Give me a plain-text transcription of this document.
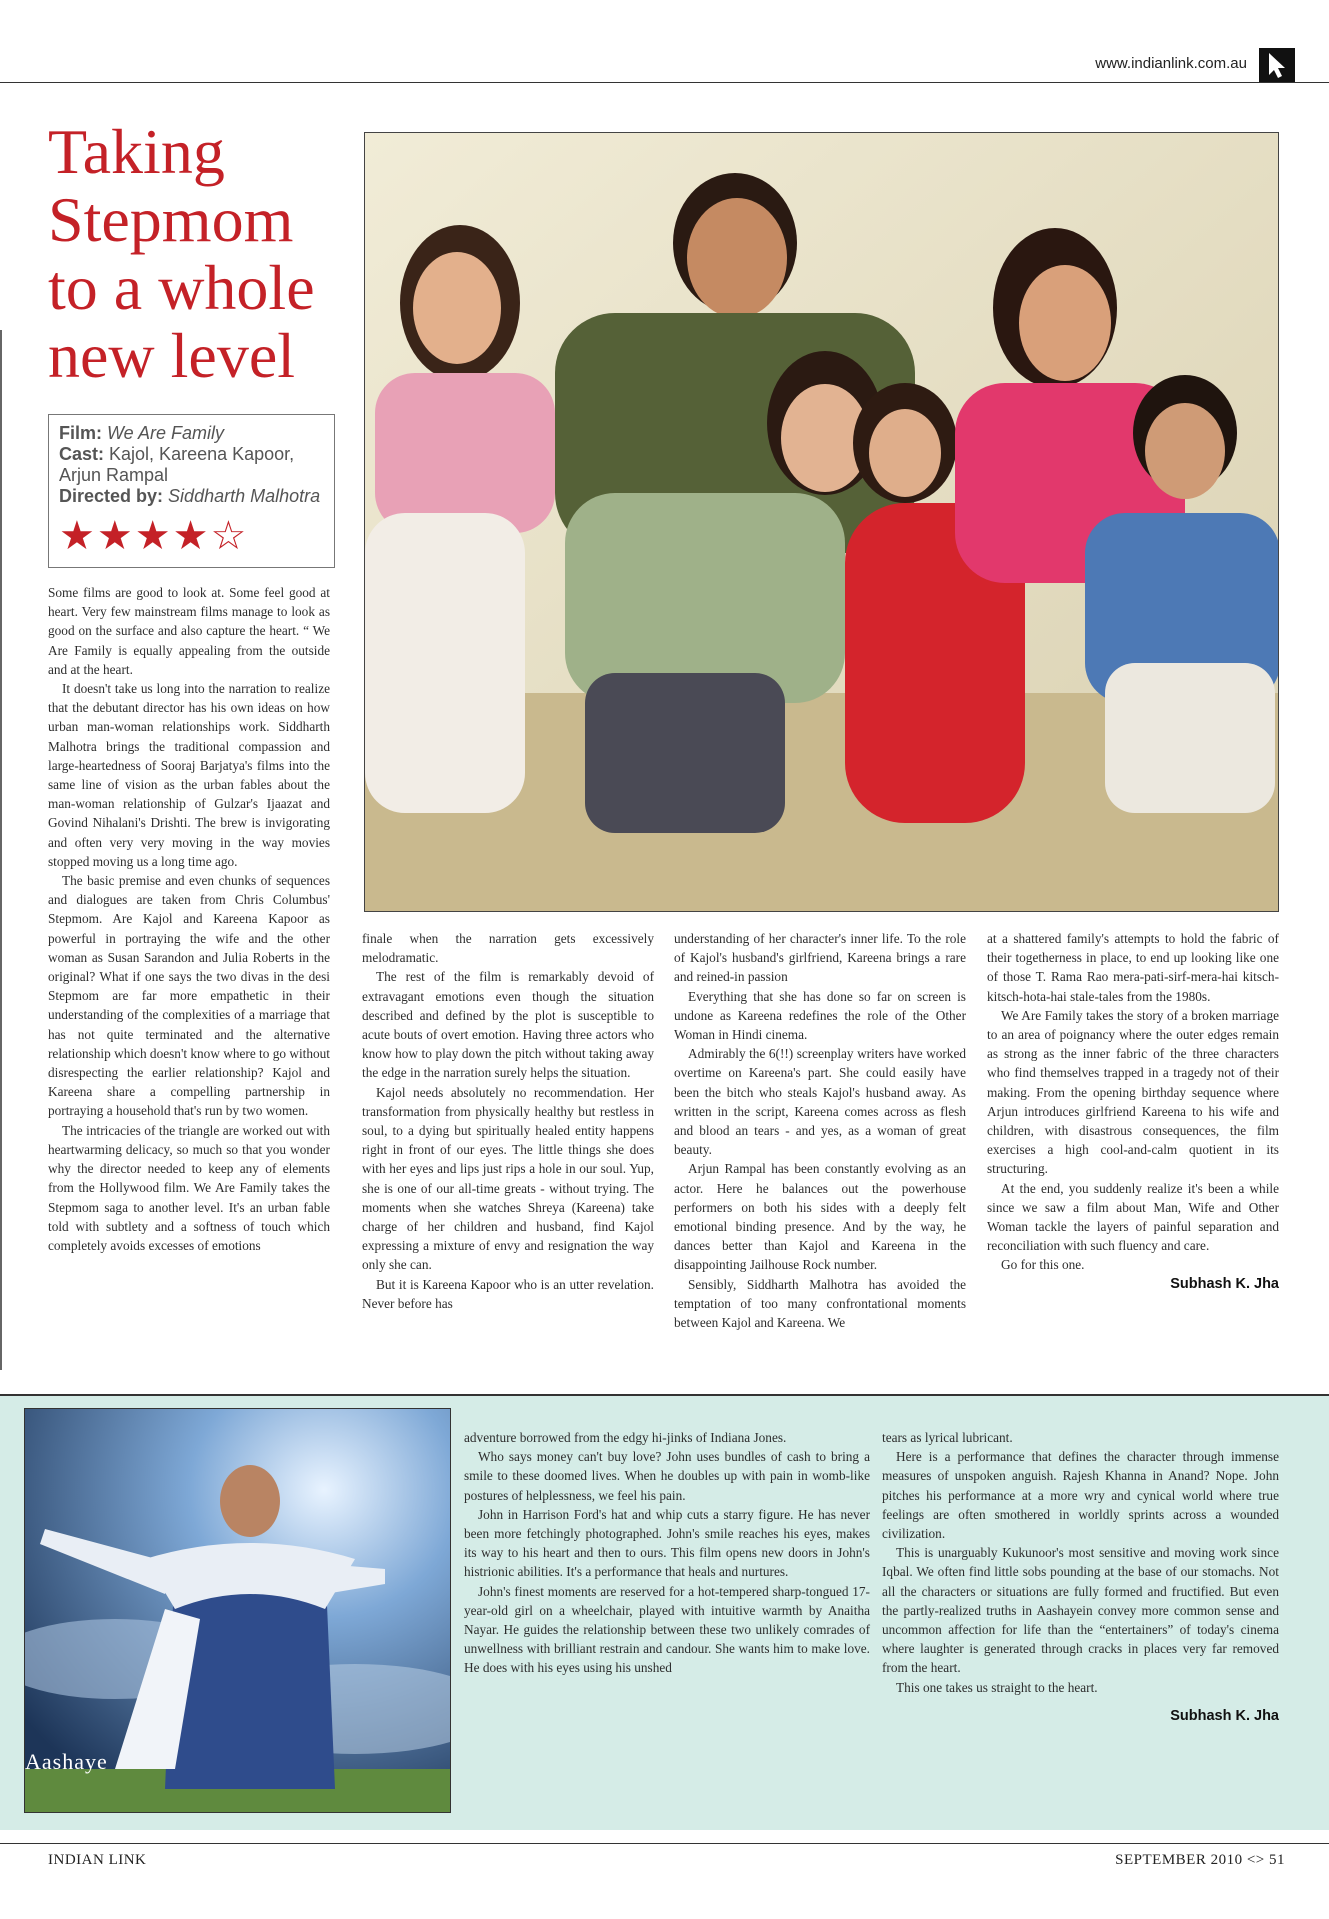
www.indianlink.com.au
Taking Stepmom to a whole new level
Film: We Are Family
Cast: Kajol, Kareena Kapoor, Arjun Rampal
Directed by: Siddharth Malhotra
★★★★☆

Some films are good to look at. Some feel good at heart. Very few mainstream films manage to look as good on the surface and also capture the heart. “ We Are Family is equally appealing from the outside and at the heart.

It doesn't take us long into the narration to realize that the debutant director has his own ideas on how urban man-woman relationships work. Siddharth Malhotra brings the traditional compassion and large-heartedness of Sooraj Barjatya's films into the same line of vision as the urban fables about the man-woman relationship of Gulzar's Ijaazat and Govind Nihalani's Drishti. The brew is invigorating and often very very moving in the way movies stopped moving us a long time ago.

The basic premise and even chunks of sequences and dialogues are taken from Chris Columbus' Stepmom. Are Kajol and Kareena Kapoor as powerful in portraying the wife and the other woman as Susan Sarandon and Julia Roberts in the original? What if one says the two divas in the desi Stepmom are far more empathetic in their understanding of the complexities of a marriage that has not quite terminated and the alternative relationship which doesn't know where to go without disrespecting the earlier relationship? Kajol and Kareena share a compelling partnership in portraying a household that's run by two women.

The intricacies of the triangle are worked out with heartwarming delicacy, so much so that you wonder why the director needed to keep any of elements from the Hollywood film. We Are Family takes the Stepmom saga to another level. It's an urban fable told with subtlety and a softness of touch which completely avoids excesses of emotions

finale when the narration gets excessively melodramatic.

The rest of the film is remarkably devoid of extravagant emotions even though the situation described and defined by the plot is susceptible to acute bouts of overt emotion. Having three actors who know how to play down the pitch without taking away the edge in the narration surely helps the situation.

Kajol needs absolutely no recommendation. Her transformation from physically healthy but restless in soul, to a dying but spiritually healed entity happens right in front of our eyes. The little things she does with her eyes and lips just rips a hole in our soul. Yup, she is one of our all-time greats - without trying. The moments when she watches Shreya (Kareena) take charge of her children and husband, find Kajol expressing a mixture of envy and resignation the way only she can.

But it is Kareena Kapoor who is an utter revelation. Never before has

understanding of her character's inner life. To the role of Kajol's husband's girlfriend, Kareena brings a rare and reined-in passion

Everything that she has done so far on screen is undone as Kareena redefines the role of the Other Woman in Hindi cinema.

Admirably the 6(!!) screenplay writers have worked overtime on Kareena's part. She could easily have been the bitch who steals Kajol's husband away. As written in the script, Kareena comes across as flesh and blood an tears - and yes, as a woman of great beauty.

Arjun Rampal has been constantly evolving as an actor. Here he balances out the powerhouse performers on both his sides with a deeply felt emotional binding presence. And by the way, he dances better than Kajol and Kareena in the disappointing Jailhouse Rock number.

Sensibly, Siddharth Malhotra has avoided the temptation of too many confrontational moments between Kajol and Kareena. We

at a shattered family's attempts to hold the fabric of their togetherness in place, to end up looking like one of those T. Rama Rao mera-pati-sirf-mera-hai kitsch-kitsch-hota-hai stale-tales from the 1980s.

We Are Family takes the story of a broken marriage to an area of poignancy where the outer edges remain as strong as the inner fabric of the three characters who find themselves trapped in a tragedy not of their making. From the opening birthday sequence where Arjun introduces girlfriend Kareena to his wife and children, with disastrous consequences, the film exercises a high cool-and-calm quotient in its structuring.

At the end, you suddenly realize it's been a while since we saw a film about Man, Wife and Other Woman tackle the layers of painful separation and reconciliation with such fluency and care.

Go for this one.

Subhash K. Jha
Aashaye

adventure borrowed from the edgy hi-jinks of Indiana Jones.

Who says money can't buy love? John uses bundles of cash to bring a smile to these doomed lives. When he doubles up with pain in womb-like postures of helplessness, we feel his pain.

John in Harrison Ford's hat and whip cuts a starry figure. He has never been more fetchingly photographed. John's smile reaches his eyes, makes its way to his heart and then to ours. This film opens new doors in John's histrionic abilities. It's a performance that heals and nurtures.

John's finest moments are reserved for a hot-tempered sharp-tongued 17-year-old girl on a wheelchair, played with intuitive warmth by Anaitha Nayar. He guides the relationship between these two unlikely comrades of unwellness with brilliant restrain and candour. She wants him to make love. He does with his eyes using his unshed

tears as lyrical lubricant.

Here is a performance that defines the character through immense measures of unspoken anguish. Rajesh Khanna in Anand? Nope. John pitches his performance at a more wry and cynical world where true feelings are often smothered in worldly sprints across a wounded civilization.

This is unarguably Kukunoor's most sensitive and moving work since Iqbal. We often find little sobs pounding at the base of our stomachs. Not all the characters or situations are fully formed and fructified. But even the partly-realized truths in Aashayein convey more common sense and uncommon affection for life than the “entertainers” of today's cinema where laughter is generated through cracks in places very far removed from the heart.

This one takes us straight to the heart.

Subhash K. Jha
INDIAN LINK	SEPTEMBER 2010 <> 51
